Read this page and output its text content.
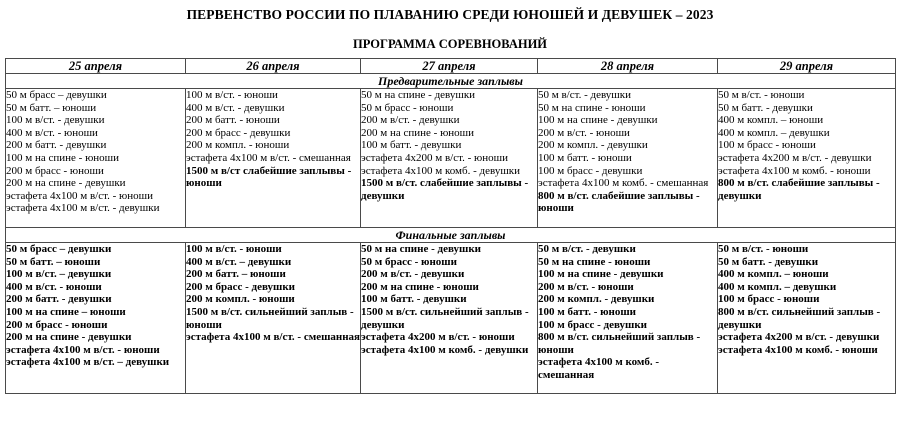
ПЕРВЕНСТВО РОССИИ ПО ПЛАВАНИЮ СРЕДИ ЮНОШЕЙ И ДЕВУШЕК – 2023
ПРОГРАММА СОРЕВНОВАНИЙ
25 апреля	26 апреля	27 апреля	28 апреля	29 апреля
Предварительные заплывы				

50 м брасс – девушки
50 м батт. – юноши
100 м в/ст. - девушки
400 м в/ст. - юноши
200 м батт. - девушки
100 м на спине - юноши
200 м брасс - юноши
200 м на спине - девушки
эстафета 4х100 м в/ст. - юноши
эстафета 4х100 м в/ст. - девушки

100 м в/ст. - юноши
400 м в/ст. - девушки
200 м батт. - юноши
200 м брасс - девушки
200 м компл. - юноши
эстафета 4х100 м в/ст. - смешанная
1500 м в/ст слабейшие заплывы - юноши

50 м на спине - девушки
50 м брасс - юноши
200 м в/ст. - девушки
200 м на спине - юноши
100 м батт. - девушки
эстафета 4х200 м в/ст. - юноши
эстафета 4х100 м комб. - девушки
1500 м в/ст. слабейшие заплывы - девушки

50 м в/ст. - девушки
50 м на спине - юноши
100 м на спине - девушки
200 м в/ст. - юноши
200 м компл. - девушки
100 м батт. - юноши
100 м брасс - девушки
эстафета 4х100 м комб. - смешанная
800 м в/ст. слабейшие заплывы - юноши

50 м в/ст. - юноши
50 м батт. - девушки
400 м компл. – юноши
400 м компл. – девушки
100 м брасс - юноши
эстафета 4х200 м в/ст. - девушки
эстафета 4х100 м комб. - юноши
800 м в/ст. слабейшие заплывы - девушки

Финальные заплывы				

50 м брасс – девушки
50 м батт. – юноши
100 м в/ст. – девушки
400 м в/ст. - юноши
200 м батт. - девушки
100 м на спине – юноши
200 м брасс - юноши
200 м на спине - девушки
эстафета 4х100 м в/ст. - юноши
эстафета 4х100 м в/ст. – девушки

100 м в/ст. - юноши
400 м в/ст. – девушки
200 м батт. – юноши
200 м брасс - девушки
200 м компл. - юноши
1500 м в/ст. сильнейший заплыв - юноши
эстафета 4х100 м в/ст. - смешанная

50 м на спине - девушки
50 м брасс - юноши
200 м в/ст. - девушки
200 м на спине - юноши
100 м батт. - девушки
1500 м в/ст. сильнейший заплыв - девушки
эстафета 4х200 м в/ст. - юноши
эстафета 4х100 м комб. - девушки

50 м в/ст. - девушки
50 м на спине - юноши
100 м на спине - девушки
200 м в/ст. - юноши
200 м компл. - девушки
100 м батт. - юноши
100 м брасс - девушки
800 м в/ст. сильнейший заплыв - юноши
эстафета 4х100 м комб. - смешанная

50 м в/ст. - юноши
50 м батт. - девушки
400 м компл. – юноши
400 м компл. – девушки
100 м брасс - юноши
800 м в/ст. сильнейший заплыв - девушки
эстафета 4х200 м в/ст. - девушки
эстафета 4х100 м комб. - юноши
